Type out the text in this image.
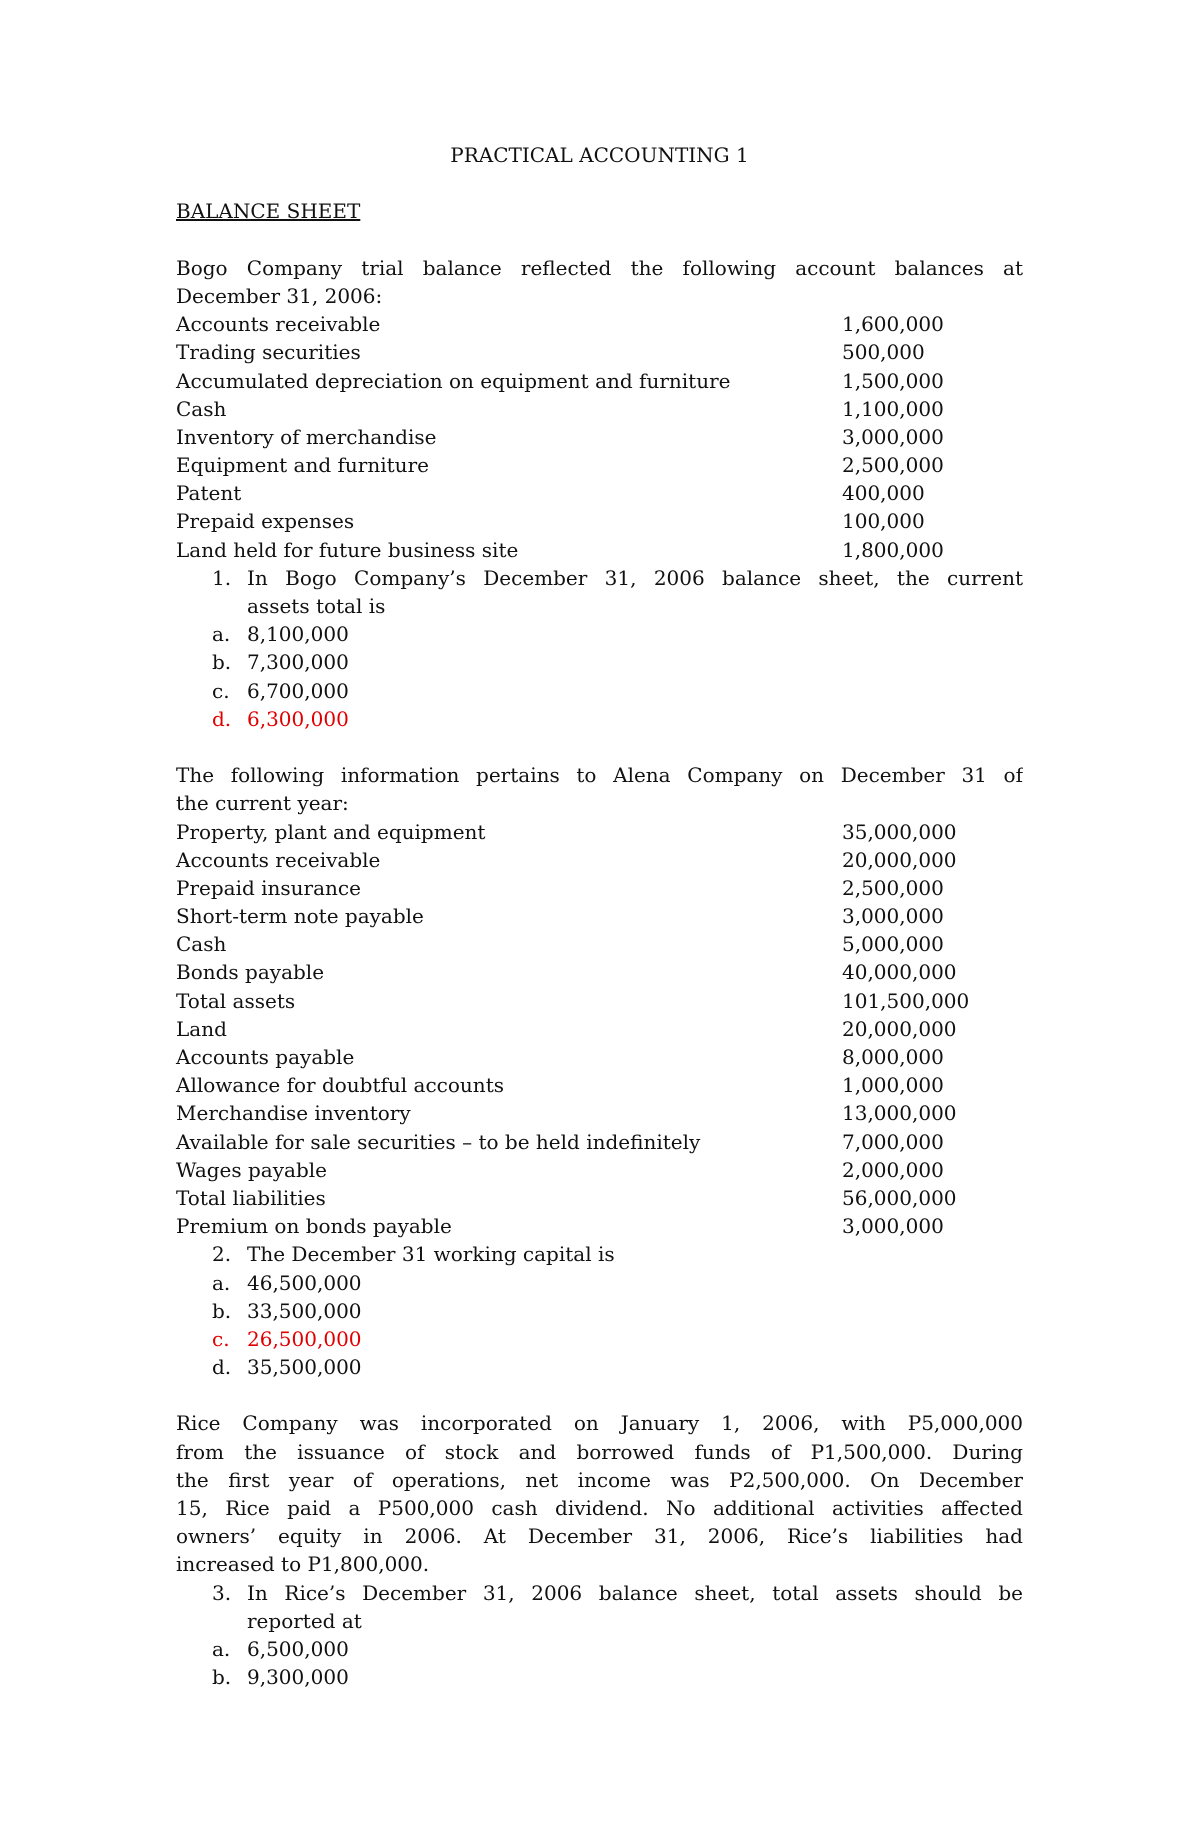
PRACTICAL ACCOUNTING 1
BALANCE SHEET
Bogo Company trial balance reflected the following account balances at
December 31, 2006:
Accounts receivable	1,600,000
Trading securities	500,000
Accumulated depreciation on equipment and furniture	1,500,000
Cash	1,100,000
Inventory of merchandise	3,000,000
Equipment and furniture	2,500,000
Patent	400,000
Prepaid expenses	100,000
Land held for future business site	1,800,000
1. In Bogo Company’s December 31, 2006 balance sheet, the current
assets total is
a. 8,100,000
b. 7,300,000
c. 6,700,000
d. 6,300,000
The following information pertains to Alena Company on December 31 of
the current year:
Property, plant and equipment	35,000,000
Accounts receivable	20,000,000
Prepaid insurance	2,500,000
Short-term note payable	3,000,000
Cash	5,000,000
Bonds payable	40,000,000
Total assets	101,500,000
Land	20,000,000
Accounts payable	8,000,000
Allowance for doubtful accounts	1,000,000
Merchandise inventory	13,000,000
Available for sale securities – to be held indefinitely	7,000,000
Wages payable	2,000,000
Total liabilities	56,000,000
Premium on bonds payable	3,000,000
2. The December 31 working capital is
a. 46,500,000
b. 33,500,000
c. 26,500,000
d. 35,500,000
Rice Company was incorporated on January 1, 2006, with P5,000,000
from the issuance of stock and borrowed funds of P1,500,000. During
the first year of operations, net income was P2,500,000. On December
15, Rice paid a P500,000 cash dividend. No additional activities affected
owners’ equity in 2006. At December 31, 2006, Rice’s liabilities had
increased to P1,800,000.
3. In Rice’s December 31, 2006 balance sheet, total assets should be
reported at
a. 6,500,000
b. 9,300,000
